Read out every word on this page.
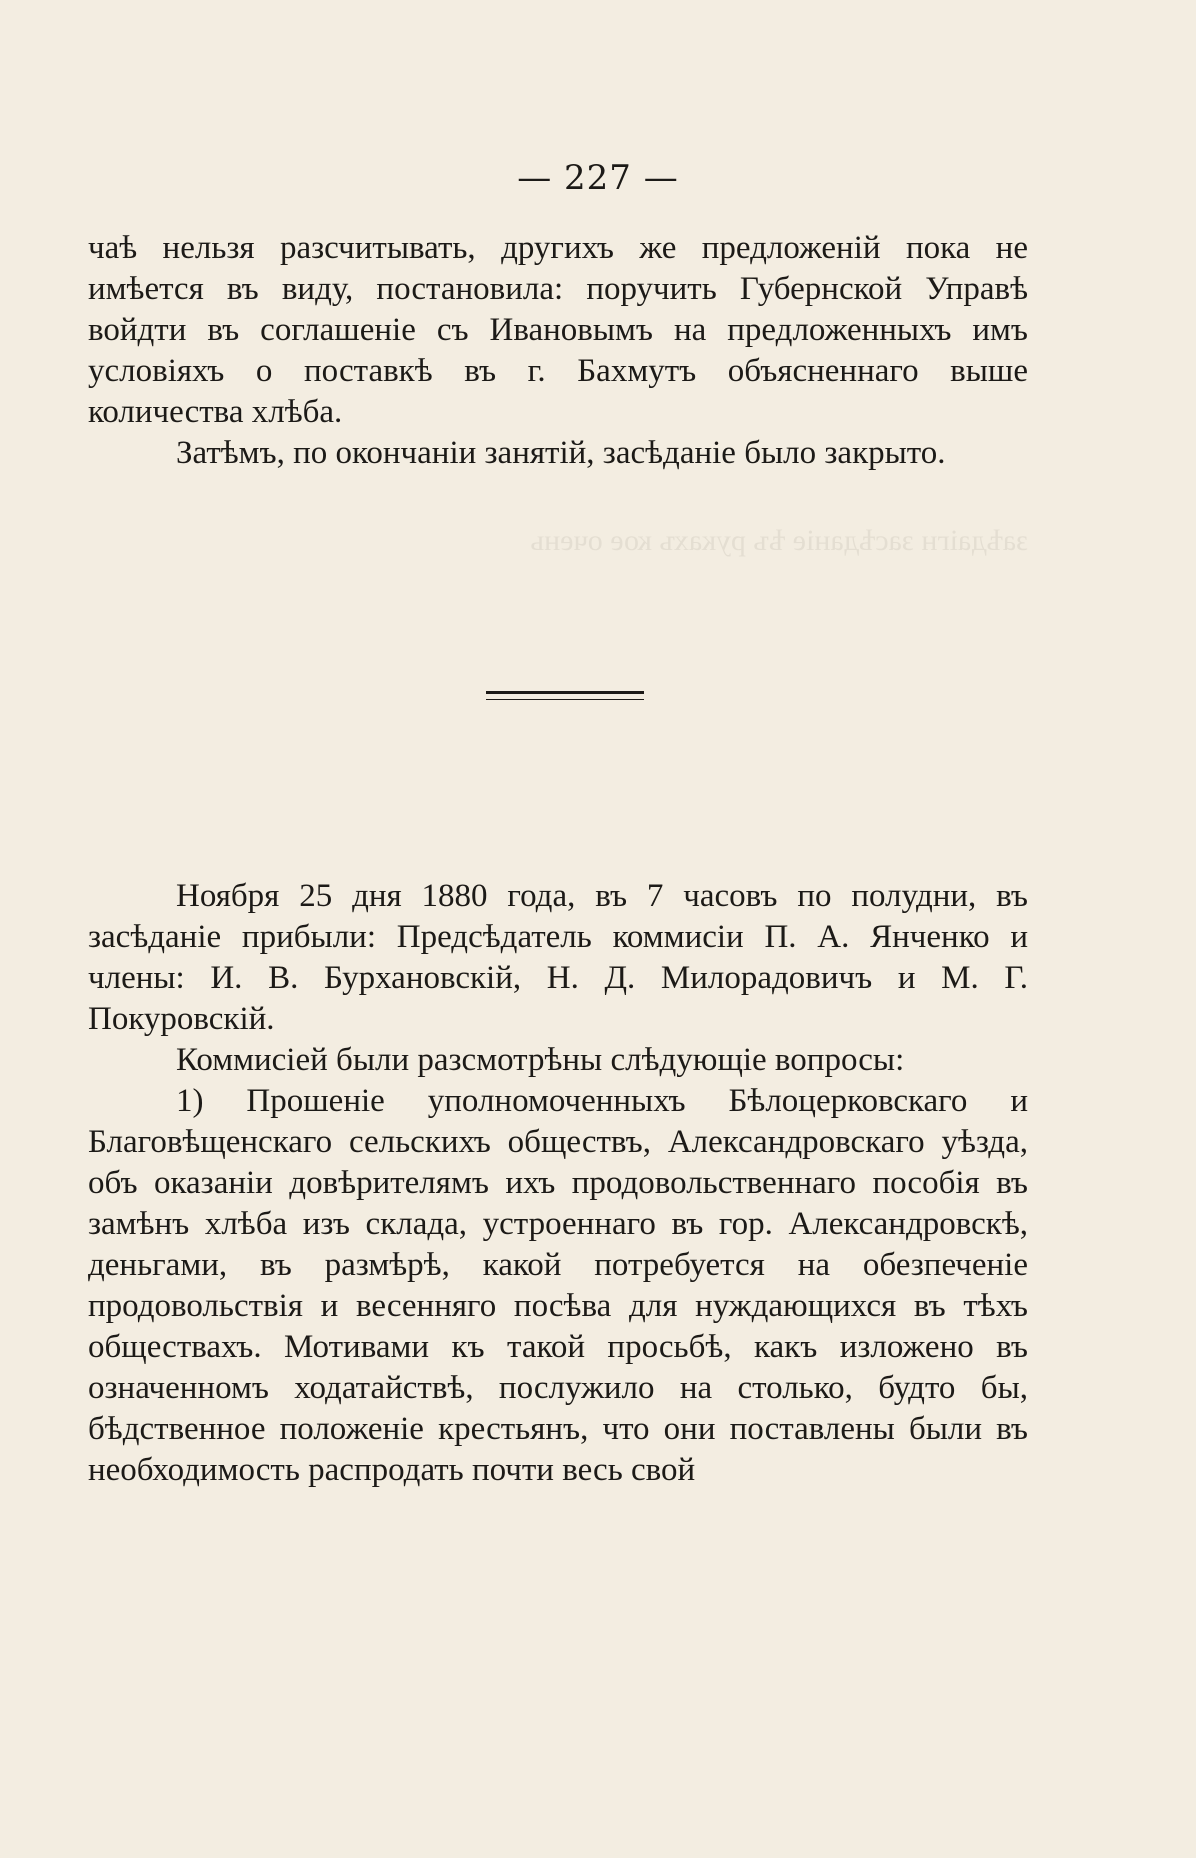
заѣдаігн засѣданіе ѣъ рукахъ кое очень
— 227 —

чаѣ нельзя разсчитывать, другихъ же предложеній пока не имѣется въ виду, постановила: поручить Губернской Управѣ войдти въ соглашеніе съ Ивановымъ на предложенныхъ имъ условіяхъ о поставкѣ въ г. Бахмутъ объясненнаго выше количества хлѣба.

Затѣмъ, по окончаніи занятій, засѣданіе было закрыто.

Ноября 25 дня 1880 года, въ 7 часовъ по полудни, въ засѣданіе прибыли: Предсѣдатель коммисіи П. А. Янченко и члены: И. В. Бурхановскій, Н. Д. Милорадовичъ и М. Г. Покуровскій.

Коммисіей были разсмотрѣны слѣдующіе вопросы:

1) Прошеніе уполномоченныхъ Бѣлоцерковскаго и Благовѣщенскаго сельскихъ обществъ, Александровскаго уѣзда, объ оказаніи довѣрителямъ ихъ продовольственнаго пособія въ замѣнъ хлѣба изъ склада, устроеннаго въ гор. Александровскѣ, деньгами, въ размѣрѣ, какой потребуется на обезпеченіе продовольствія и весенняго посѣва для нуждающихся въ тѣхъ обществахъ. Мотивами къ такой просьбѣ, какъ изложено въ означенномъ ходатайствѣ, послужило на столько, будто бы, бѣдственное положеніе крестьянъ, что они поставлены были въ необходимость распродать почти весь свой
